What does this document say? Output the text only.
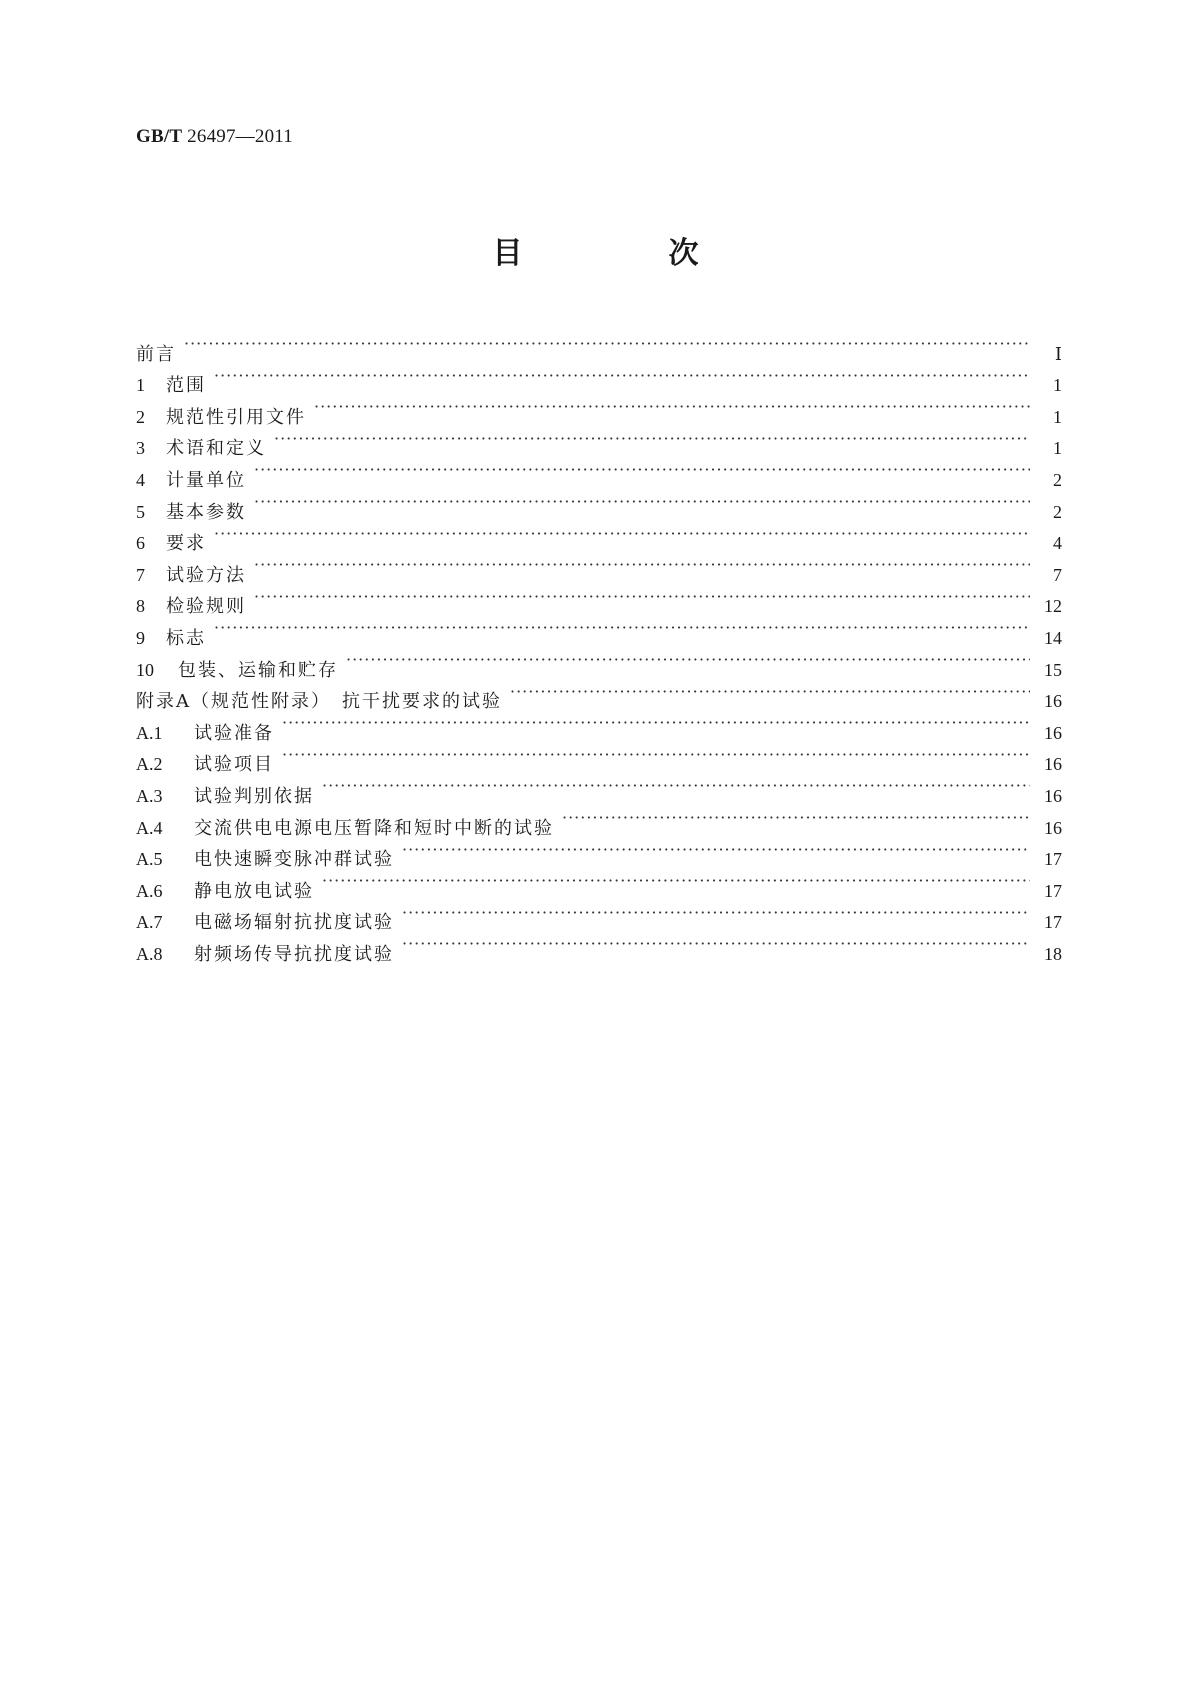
GB/T 26497—2011
目　次
前言 ·····	Ⅰ
1	范围 ·····	1
2	规范性引用文件 ·····	1
3	术语和定义 ·····	1
4	计量单位 ·····	2
5	基本参数 ·····	2
6	要求 ·····	4
7	试验方法 ·····	7
8	检验规则 ·····	12
9	标志 ·····	14
10	包装、运输和贮存 ·····	15
附录A（规范性附录）　抗干扰要求的试验 ·····	16
A.1	试验准备 ·····	16
A.2	试验项目 ·····	16
A.3	试验判别依据 ·····	16
A.4	交流供电电源电压暂降和短时中断的试验 ·····	16
A.5	电快速瞬变脉冲群试验 ·····	17
A.6	静电放电试验 ·····	17
A.7	电磁场辐射抗扰度试验 ·····	17
A.8	射频场传导抗扰度试验 ·····	18
